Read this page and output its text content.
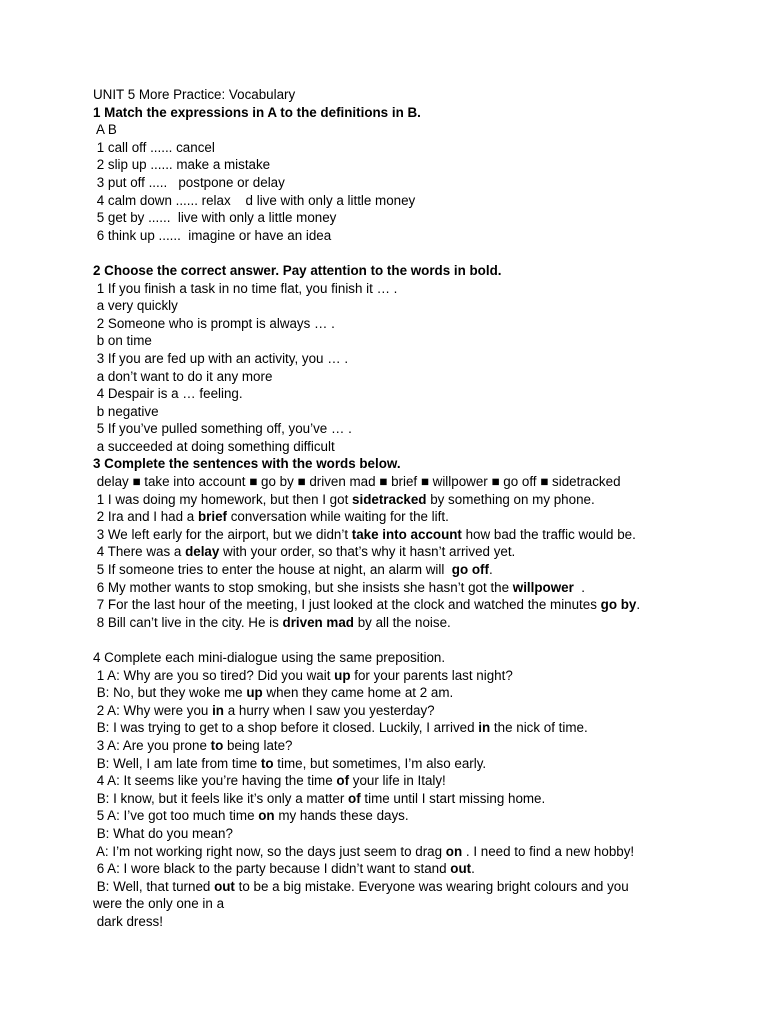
UNIT 5 More Practice: Vocabulary

1 Match the expressions in A to the definitions in B.

A B

1 call off ...... cancel

2 slip up ...... make a mistake

3 put off .....   postpone or delay

4 calm down ...... relax    d live with only a little money

5 get by ......  live with only a little money

6 think up ......  imagine or have an idea

2 Choose the correct answer. Pay attention to the words in bold.

1 If you finish a task in no time flat, you finish it … .

a very quickly

2 Someone who is prompt is always … .

b on time

3 If you are fed up with an activity, you … .

a don’t want to do it any more

4 Despair is a … feeling.

b negative

5 If you’ve pulled something off, you’ve … .

a succeeded at doing something difficult

3 Complete the sentences with the words below.

delay ■ take into account ■ go by ■ driven mad ■ brief ■ willpower ■ go off ■ sidetracked

1 I was doing my homework, but then I got sidetracked by something on my phone.

2 Ira and I had a brief conversation while waiting for the lift.

3 We left early for the airport, but we didn’t take into account how bad the traffic would be.

4 There was a delay with your order, so that’s why it hasn’t arrived yet.

5 If someone tries to enter the house at night, an alarm will  go off.

6 My mother wants to stop smoking, but she insists she hasn’t got the willpower  .

7 For the last hour of the meeting, I just looked at the clock and watched the minutes go by.

8 Bill can’t live in the city. He is driven mad by all the noise.

4 Complete each mini-dialogue using the same preposition.

1 A: Why are you so tired? Did you wait up for your parents last night?

B: No, but they woke me up when they came home at 2 am.

2 A: Why were you in a hurry when I saw you yesterday?

B: I was trying to get to a shop before it closed. Luckily, I arrived in the nick of time.

3 A: Are you prone to being late?

B: Well, I am late from time to time, but sometimes, I’m also early.

4 A: It seems like you’re having the time of your life in Italy!

B: I know, but it feels like it’s only a matter of time until I start missing home.

5 A: I’ve got too much time on my hands these days.

B: What do you mean?

A: I’m not working right now, so the days just seem to drag on . I need to find a new hobby!

6 A: I wore black to the party because I didn’t want to stand out.

B: Well, that turned out to be a big mistake. Everyone was wearing bright colours and you

were the only one in a

dark dress!
